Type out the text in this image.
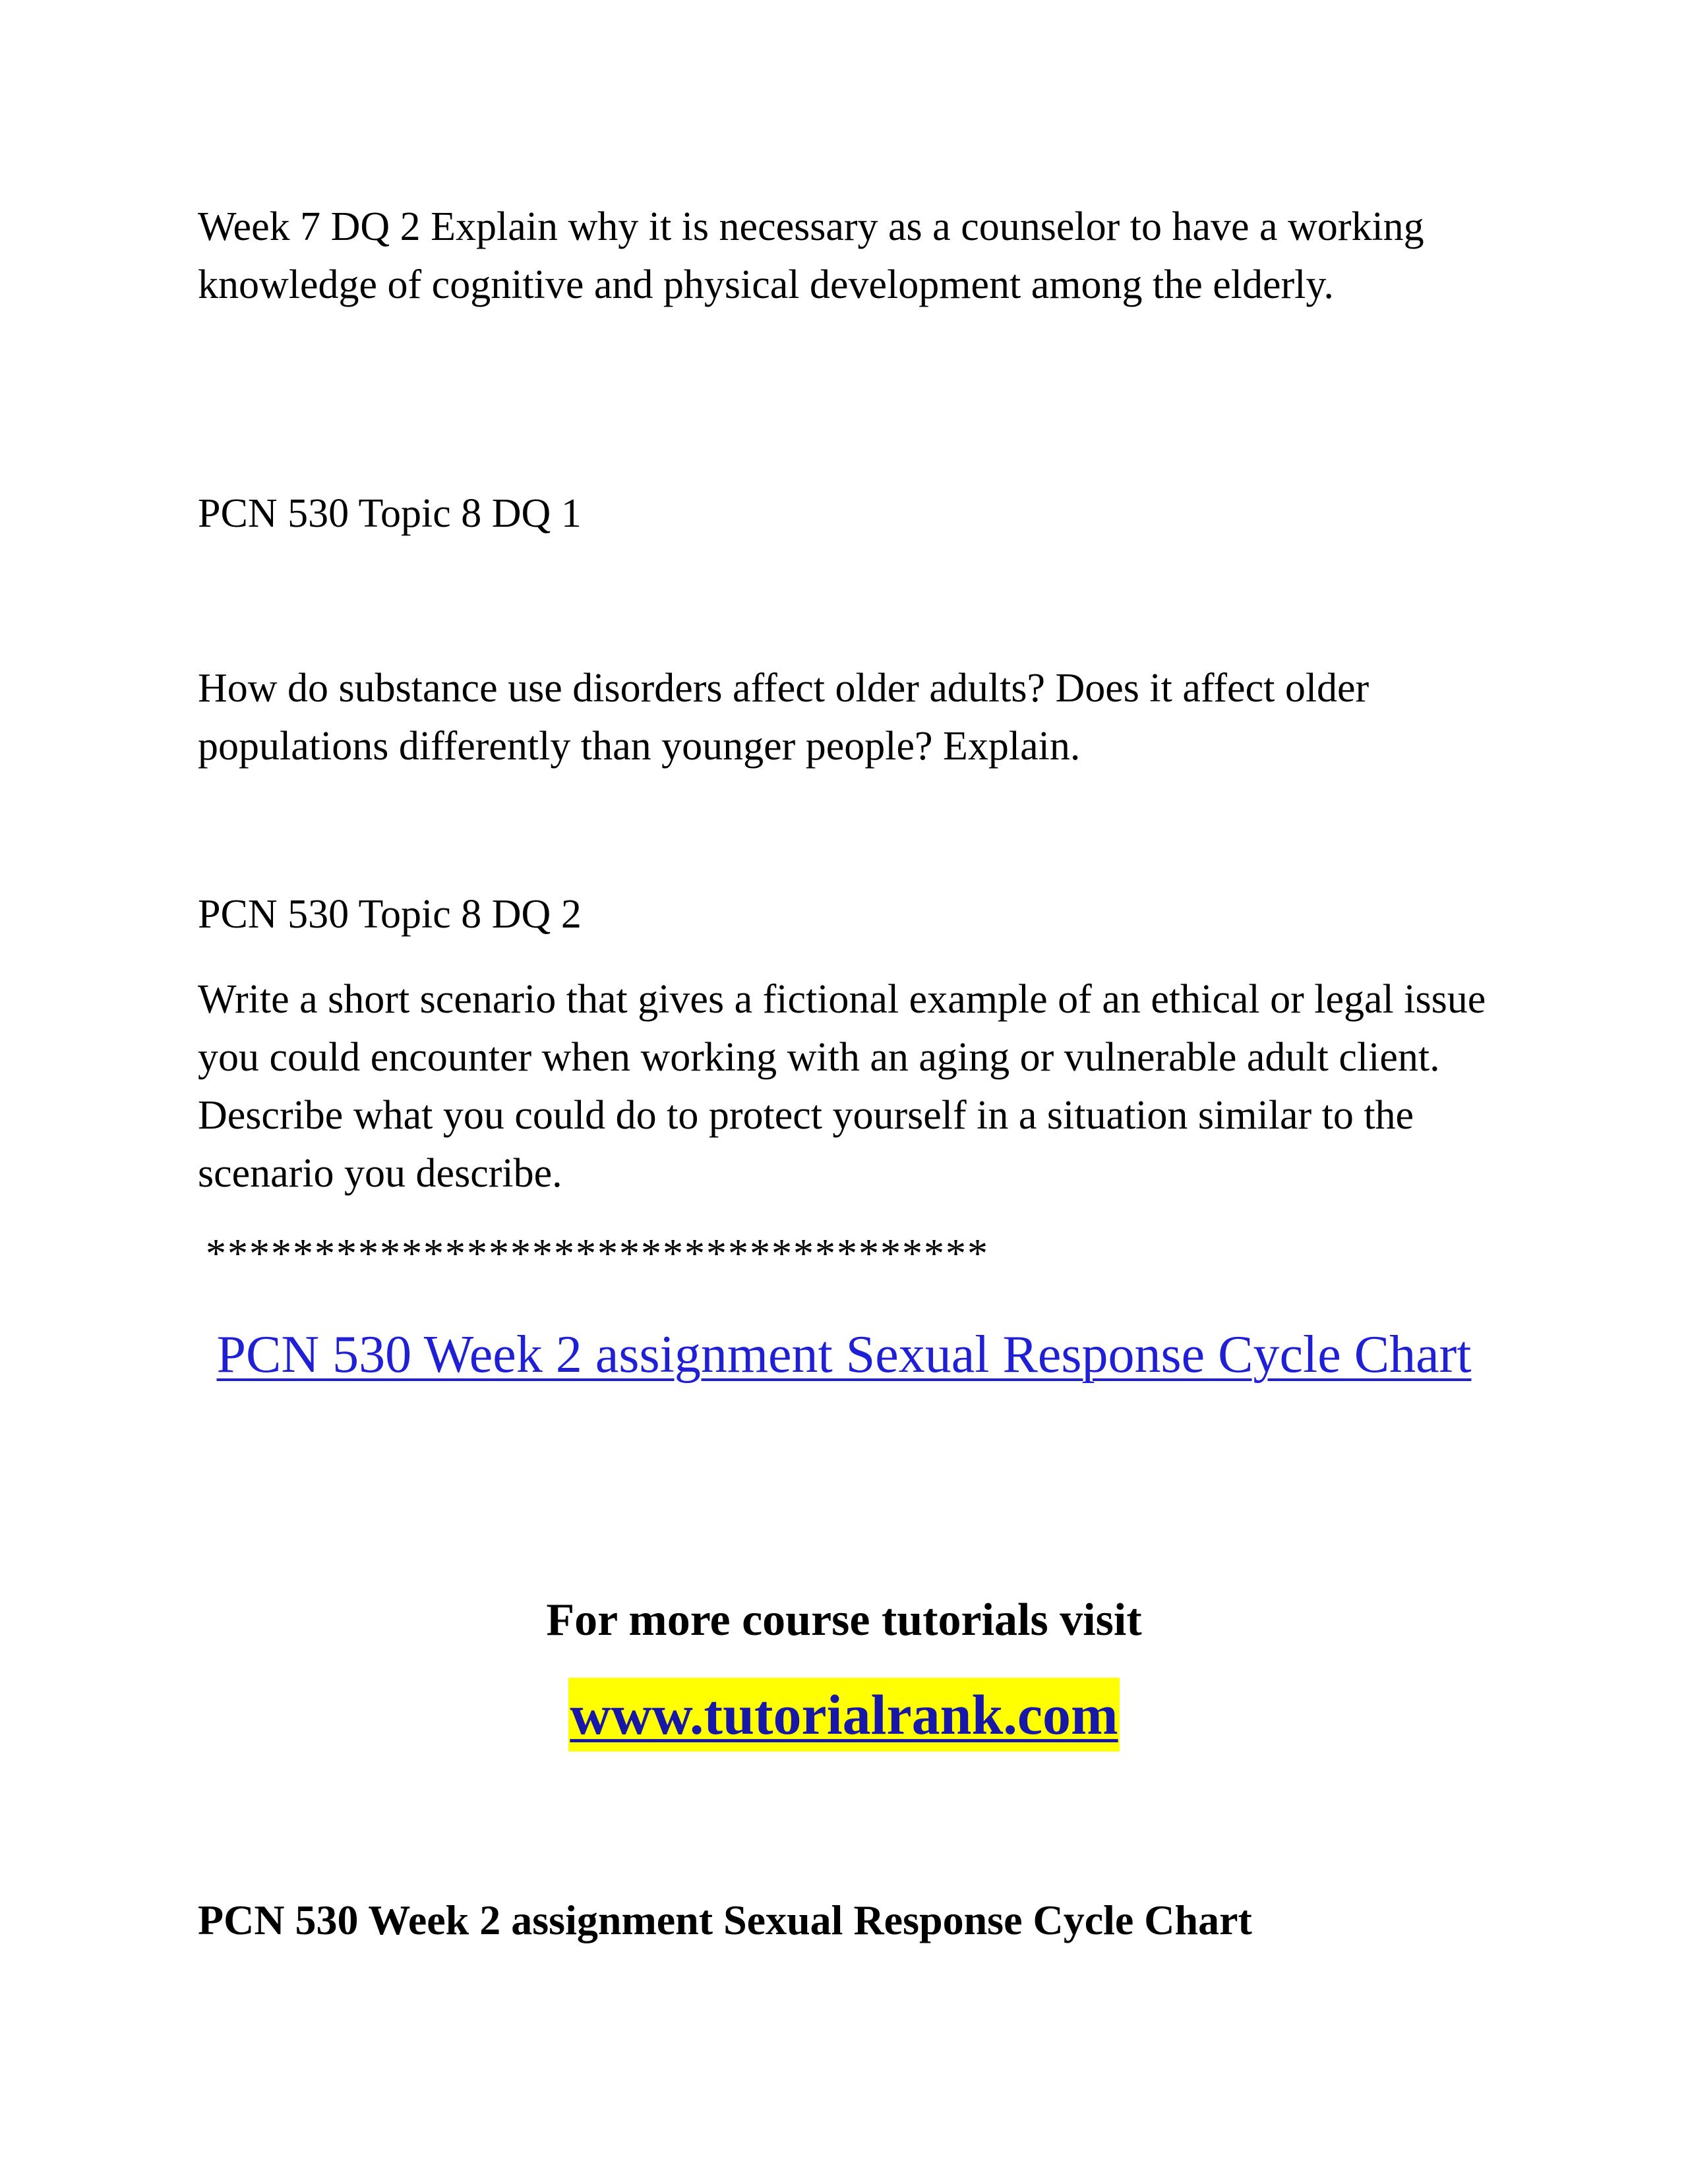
Week 7 DQ 2 Explain why it is necessary as a counselor to have a working knowledge of cognitive and physical development among the elderly.

PCN 530 Topic 8 DQ 1

How do substance use disorders affect older adults? Does it affect older populations differently than younger people? Explain.

PCN 530 Topic 8 DQ 2

Write a short scenario that gives a fictional example of an ethical or legal issue you could encounter when working with an aging or vulnerable adult client. Describe what you could do to protect yourself in a situation similar to the scenario you describe.

************************************
PCN 530 Week 2 assignment Sexual Response Cycle Chart
For more course tutorials visit
www.tutorialrank.com
PCN 530 Week 2 assignment Sexual Response Cycle Chart
